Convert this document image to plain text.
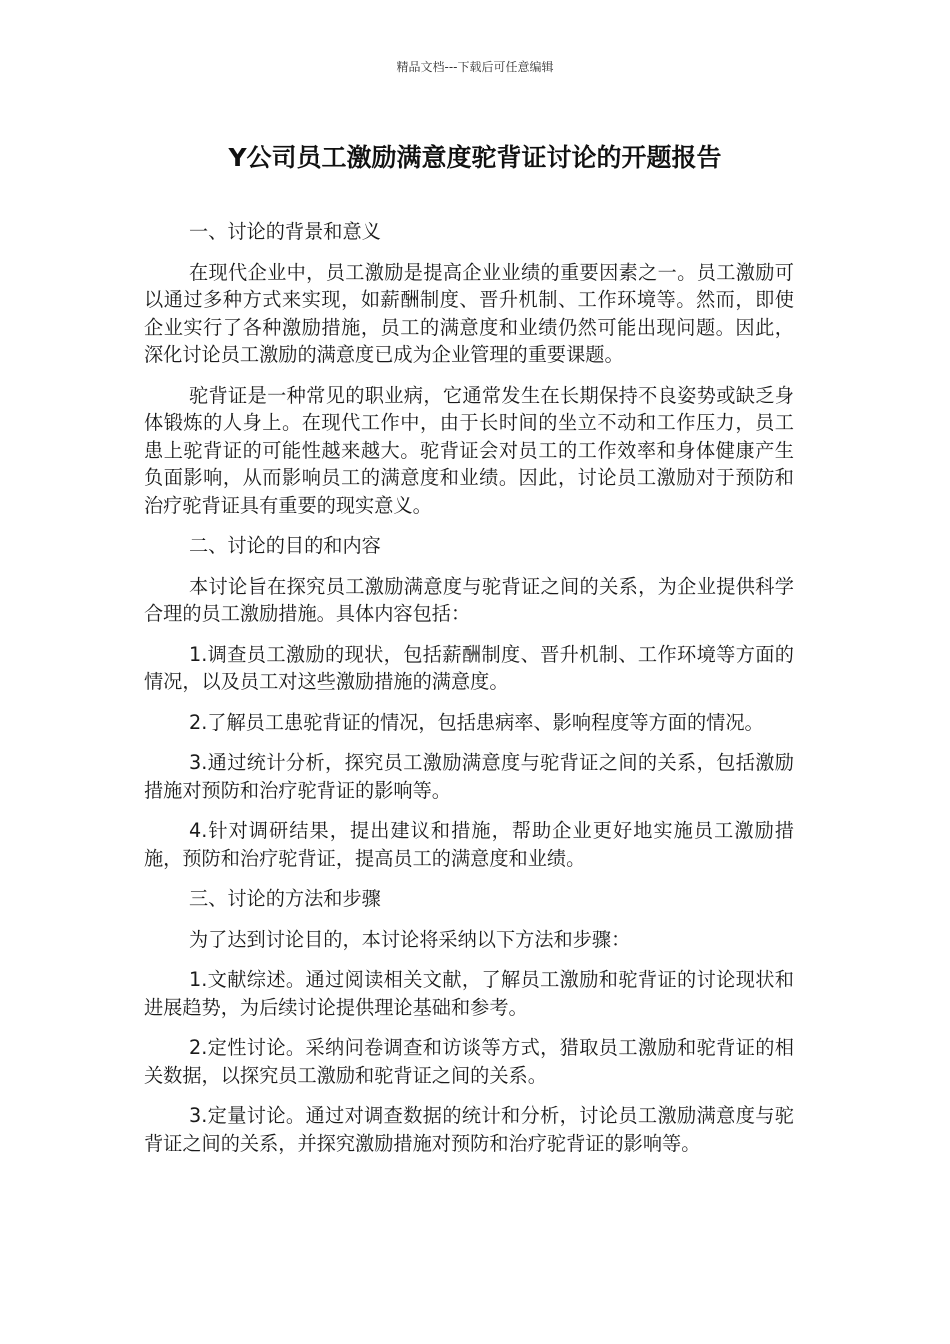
精品文档---下载后可任意编辑
Y公司员工激励满意度驼背证讨论的开题报告

一、讨论的背景和意义

在现代企业中，员工激励是提高企业业绩的重要因素之一。员工激励可以通过多种方式来实现，如薪酬制度、晋升机制、工作环境等。然而，即使企业实行了各种激励措施，员工的满意度和业绩仍然可能出现问题。因此，深化讨论员工激励的满意度已成为企业管理的重要课题。

驼背证是一种常见的职业病，它通常发生在长期保持不良姿势或缺乏身体锻炼的人身上。在现代工作中，由于长时间的坐立不动和工作压力，员工患上驼背证的可能性越来越大。驼背证会对员工的工作效率和身体健康产生负面影响，从而影响员工的满意度和业绩。因此，讨论员工激励对于预防和治疗驼背证具有重要的现实意义。

二、讨论的目的和内容

本讨论旨在探究员工激励满意度与驼背证之间的关系，为企业提供科学合理的员工激励措施。具体内容包括：

1.调查员工激励的现状，包括薪酬制度、晋升机制、工作环境等方面的情况，以及员工对这些激励措施的满意度。

2.了解员工患驼背证的情况，包括患病率、影响程度等方面的情况。

3.通过统计分析，探究员工激励满意度与驼背证之间的关系，包括激励措施对预防和治疗驼背证的影响等。

4.针对调研结果，提出建议和措施，帮助企业更好地实施员工激励措施，预防和治疗驼背证，提高员工的满意度和业绩。

三、讨论的方法和步骤

为了达到讨论目的，本讨论将采纳以下方法和步骤：

1.文献综述。通过阅读相关文献，了解员工激励和驼背证的讨论现状和进展趋势，为后续讨论提供理论基础和参考。

2.定性讨论。采纳问卷调查和访谈等方式，猎取员工激励和驼背证的相关数据，以探究员工激励和驼背证之间的关系。

3.定量讨论。通过对调查数据的统计和分析，讨论员工激励满意度与驼背证之间的关系，并探究激励措施对预防和治疗驼背证的影响等。
